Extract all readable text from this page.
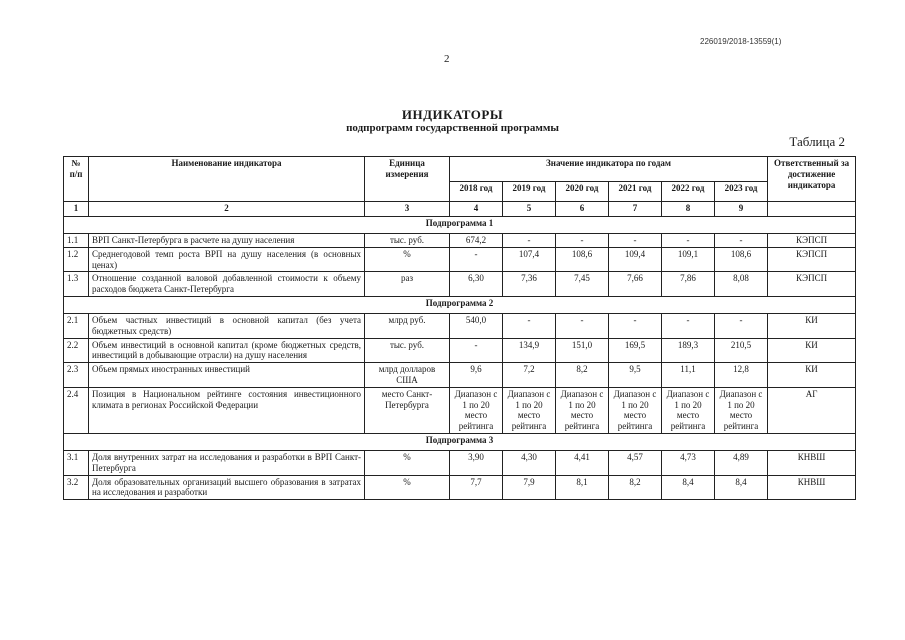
226019/2018-13559(1)
2
ИНДИКАТОРЫ
подпрограмм государственной программы
Таблица 2
№ п/п	Наименование индикатора	Единица измерения	Значение индикатора по годам						Ответственный за достижение индикатора
			2018 год	2019 год	2020 год	2021 год	2022 год	2023 год	
1	2	3	4	5	6	7	8	9	
Подпрограмма 1									
1.1	ВРП Санкт-Петербурга в расчете на душу населения	тыс. руб.	674,2	-	-	-	-	-	КЭПСП
1.2	Среднегодовой темп роста ВРП на душу населения (в основных ценах)	%	-	107,4	108,6	109,4	109,1	108,6	КЭПСП
1.3	Отношение созданной валовой добавленной стоимости к объему расходов бюджета Санкт-Петербурга	раз	6,30	7,36	7,45	7,66	7,86	8,08	КЭПСП
Подпрограмма 2									
2.1	Объем частных инвестиций в основной капитал (без учета бюджетных средств)	млрд руб.	540,0	-	-	-	-	-	КИ
2.2	Объем инвестиций в основной капитал (кроме бюджетных средств, инвестиций в добывающие отрасли) на душу населения	тыс. руб.	-	134,9	151,0	169,5	189,3	210,5	КИ
2.3	Объем прямых иностранных инвестиций	млрд долларов США	9,6	7,2	8,2	9,5	11,1	12,8	КИ
2.4	Позиция в Национальном рейтинге состояния инвестиционного климата в регионах Российской Федерации	место Санкт-Петербурга	Диапазон с 1 по 20 место рейтинга	Диапазон с 1 по 20 место рейтинга	Диапазон с 1 по 20 место рейтинга	Диапазон с 1 по 20 место рейтинга	Диапазон с 1 по 20 место рейтинга	Диапазон с 1 по 20 место рейтинга	АГ
Подпрограмма 3									
3.1	Доля внутренних затрат на исследования и разработки в ВРП Санкт-Петербурга	%	3,90	4,30	4,41	4,57	4,73	4,89	КНВШ
3.2	Доля образовательных организаций высшего образования в затратах на исследования и разработки	%	7,7	7,9	8,1	8,2	8,4	8,4	КНВШ
